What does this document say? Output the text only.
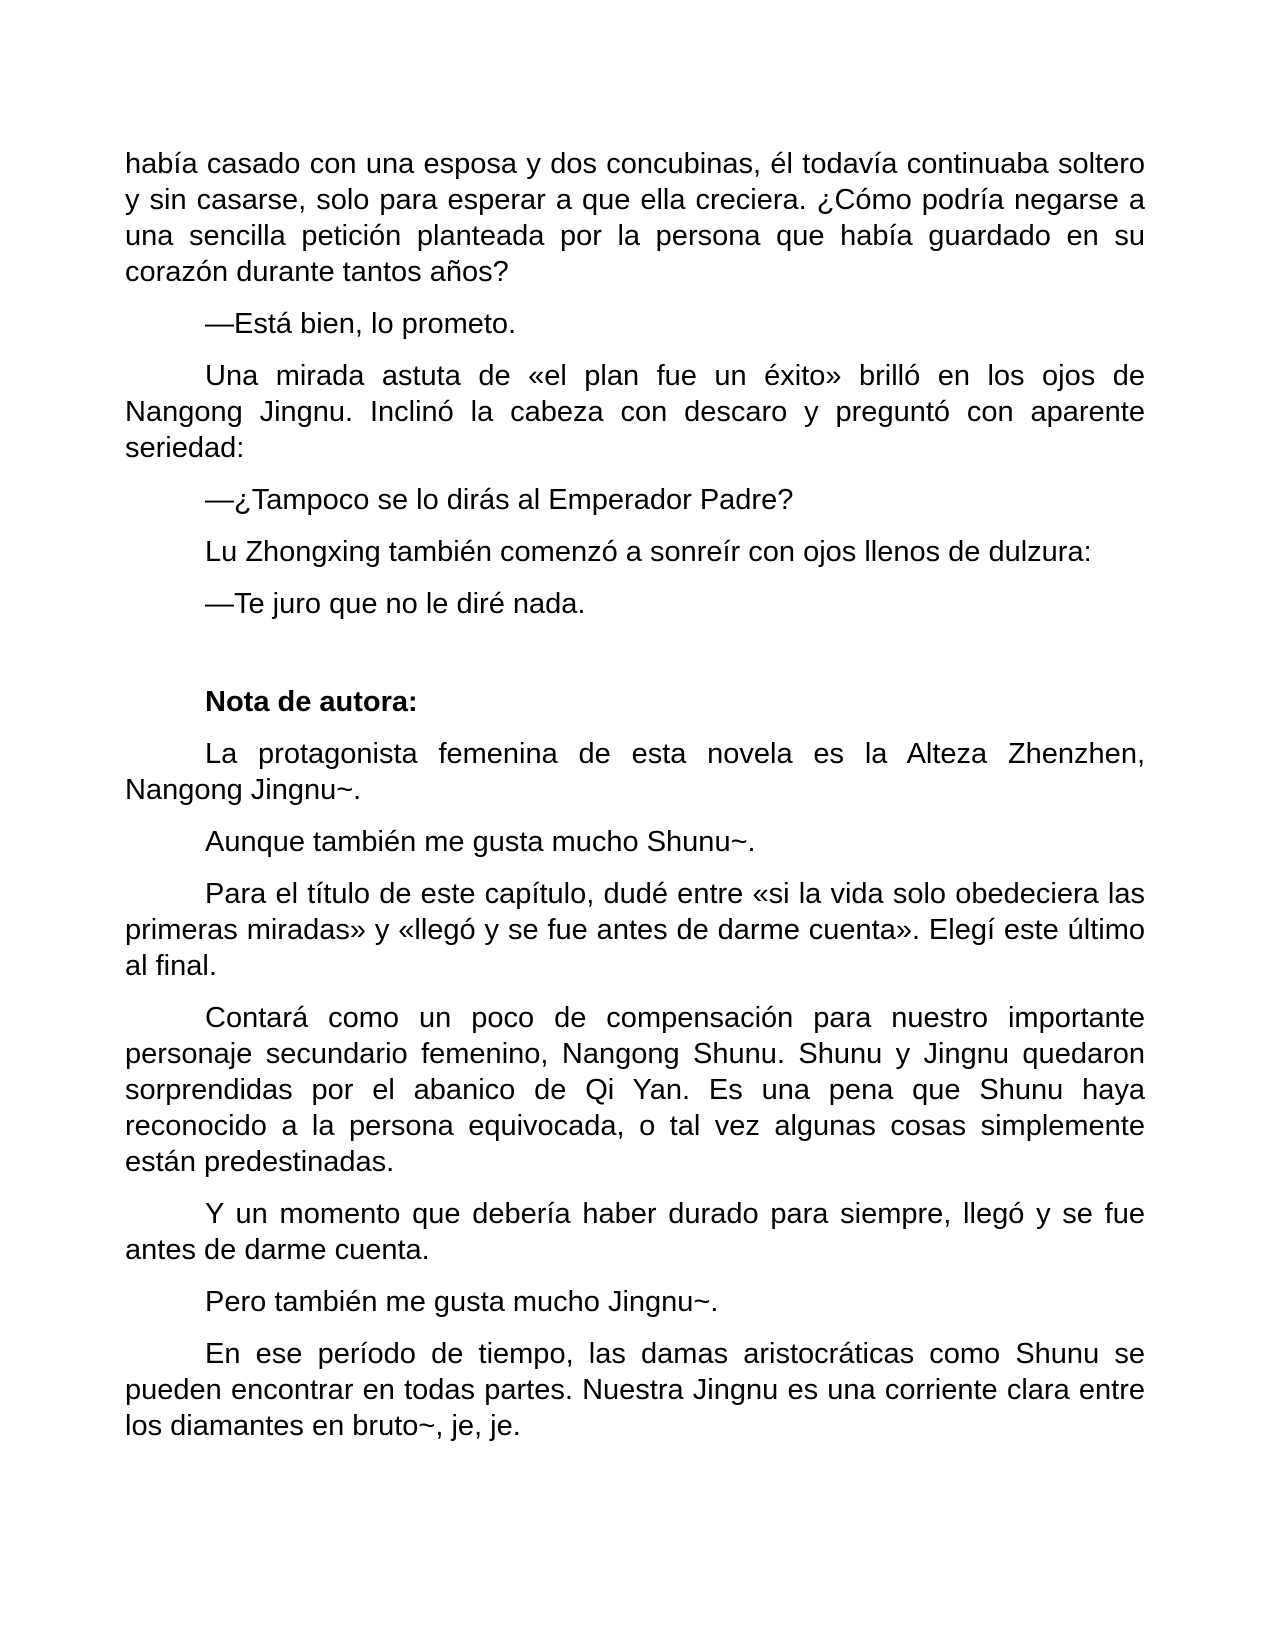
había casado con una esposa y dos concubinas, él todavía continuaba soltero y sin casarse, solo para esperar a que ella creciera. ¿Cómo podría negarse a una sencilla petición planteada por la persona que había guardado en su corazón durante tantos años?

—Está bien, lo prometo.

Una mirada astuta de «el plan fue un éxito» brilló en los ojos de Nangong Jingnu. Inclinó la cabeza con descaro y preguntó con aparente seriedad:

—¿Tampoco se lo dirás al Emperador Padre?

Lu Zhongxing también comenzó a sonreír con ojos llenos de dulzura:

—Te juro que no le diré nada.

Nota de autora:

La protagonista femenina de esta novela es la Alteza Zhenzhen, Nangong Jingnu~.

Aunque también me gusta mucho Shunu~.

Para el título de este capítulo, dudé entre «si la vida solo obedeciera las primeras miradas» y «llegó y se fue antes de darme cuenta». Elegí este último al final.

Contará como un poco de compensación para nuestro importante personaje secundario femenino, Nangong Shunu. Shunu y Jingnu quedaron sorprendidas por el abanico de Qi Yan. Es una pena que Shunu haya reconocido a la persona equivocada, o tal vez algunas cosas simplemente están predestinadas.

Y un momento que debería haber durado para siempre, llegó y se fue antes de darme cuenta.

Pero también me gusta mucho Jingnu~.

En ese período de tiempo, las damas aristocráticas como Shunu se pueden encontrar en todas partes. Nuestra Jingnu es una corriente clara entre los diamantes en bruto~, je, je.
